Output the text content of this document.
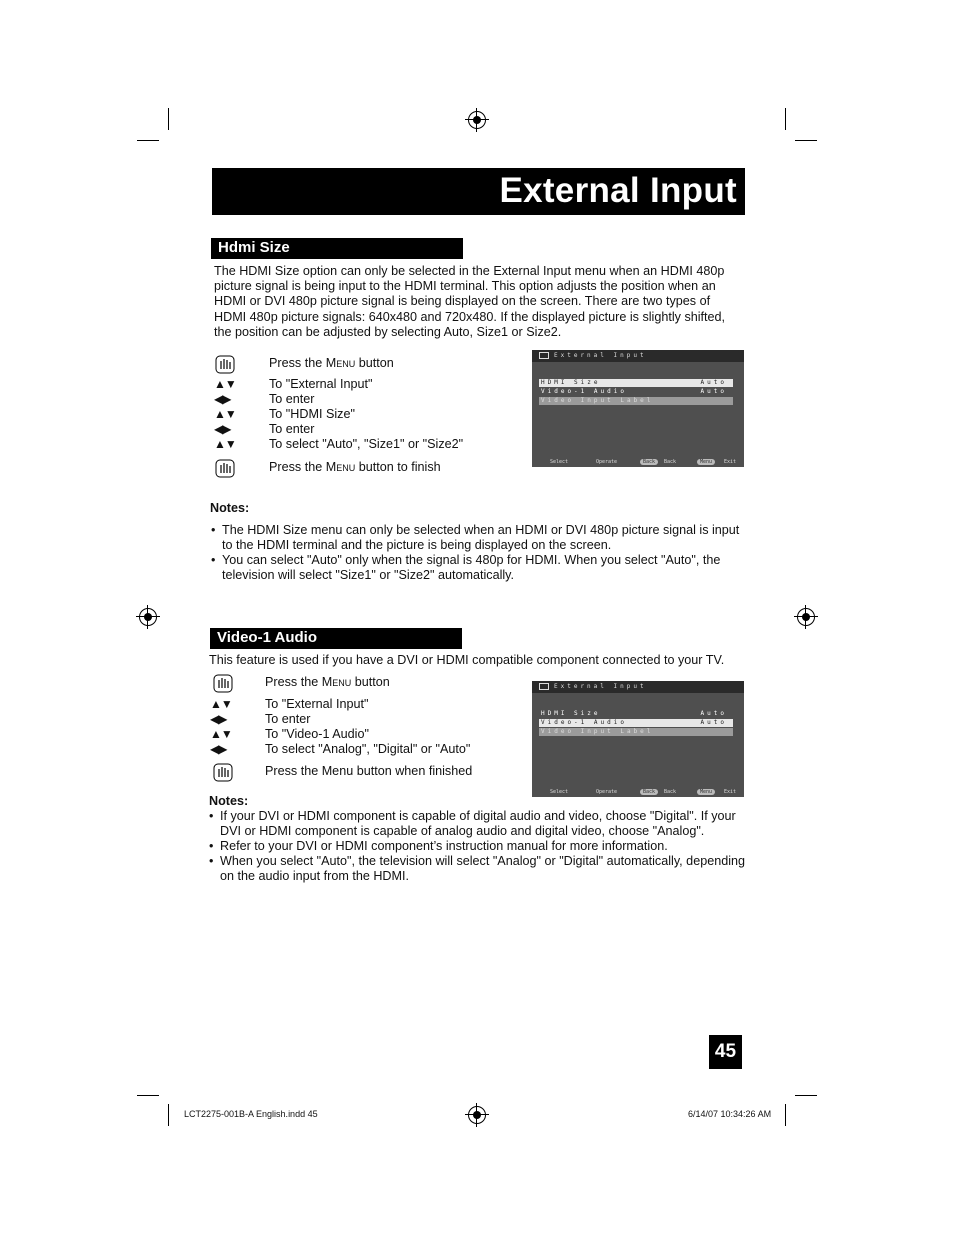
External Input
Hdmi Size

The HDMI Size option can only be selected in the External Input menu when an HDMI 480p picture signal is being input to the HDMI terminal. This option adjusts the position when an HDMI or DVI 480p picture signal is being displayed on the screen. There are two types of HDMI 480p picture signals: 640x480 and 720x480. If the displayed picture is slightly shifted, the position can be adjusted by selecting Auto, Size1 or Size2.

Press the Menu button
▲▼	To "External Input"
◀▶	To enter
▲▼	To "HDMI Size"
◀▶	To enter
▲▼	To select "Auto", "Size1" or "Size2"
Press the Menu button to finish
External Input
HDMI Size	Auto
Video-1 Audio	Auto
Video Input Label
Select	Operate	Back	Back	Menu	Exit
Notes:
• The HDMI Size menu can only be selected when an HDMI or DVI 480p picture signal is input to the HDMI terminal and the picture is being displayed on the screen.
• You can select "Auto" only when the signal is 480p for HDMI. When you select "Auto", the television will select "Size1" or "Size2" automatically.
Video-1 Audio

This feature is used if you have a DVI or HDMI compatible component connected to your TV.

Press the Menu button
▲▼	To "External Input"
◀▶	To enter
▲▼	To "Video-1 Audio"
◀▶	To select "Analog", "Digital" or "Auto"
Press the Menu button when finished
External Input
HDMI Size	Auto
Video-1 Audio	Auto
Video Input Label
Select	Operate	Back	Back	Menu	Exit
Notes:
• If your DVI or HDMI component is capable of digital audio and video, choose "Digital". If your DVI or HDMI component is capable of analog audio and digital video, choose "Analog".
• Refer to your DVI or HDMI component’s instruction manual for more information.
• When you select "Auto", the television will select "Analog" or "Digital" automatically, depending on the audio input from the HDMI.
45
LCT2275-001B-A English.indd 45	6/14/07 10:34:26 AM
